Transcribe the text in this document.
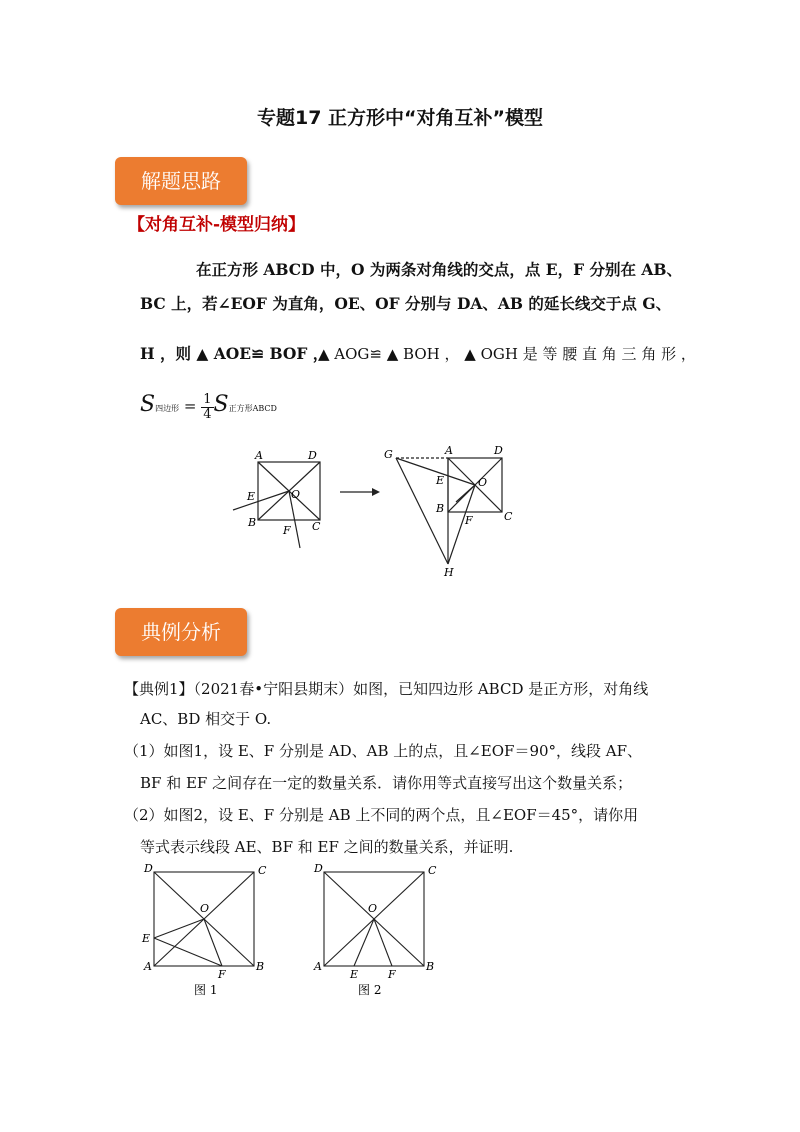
专题17 正方形中“对角互补”模型
解题思路
【对角互补-模型归纳】
在正方形 ABCD 中，O 为两条对角线的交点，点 E，F 分别在 AB、
BC 上，若∠EOF 为直角，OE、OF 分别与 DA、AB 的延长线交于点 G、
H ，则 ▲ AOE≌ BOF ，
▲ AOG≌ ▲ BOH ， ▲ OGH 是 等 腰 直 角 三 角 形 ，
S四边形 = $\frac{1}{4}$ S正方形ABCD
A	D
E	O
B
F C
G	A	D
E	O
B
F	C
H
典例分析
【典例1】（2021春•宁阳县期末）如图，已知四边形 ABCD 是正方形，对角线
AC、BD 相交于 O.
（1）如图1，设 E、F 分别是 AD、AB 上的点，且∠EOF＝90°，线段 AF、
BF 和 EF 之间存在一定的数量关系．请你用等式直接写出这个数量关系；
（2）如图2，设 E、F 分别是 AB 上不同的两个点，且∠EOF＝45°，请你用
等式表示线段 AE、BF 和 EF 之间的数量关系，并证明.
D	C
O
E
A
F
B
图 1
D	C
O
A
E	F
B
图 2
